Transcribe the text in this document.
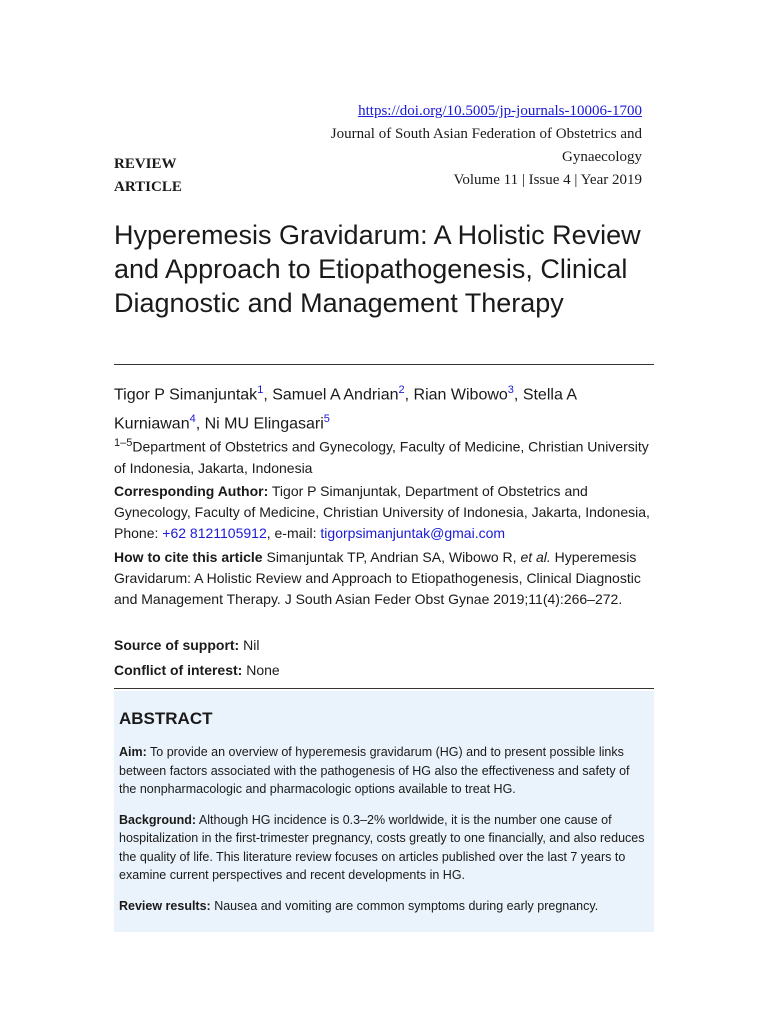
https://doi.org/10.5005/jp-journals-10006-1700
Journal of South Asian Federation of Obstetrics and
Gynaecology
Volume 11 | Issue 4 | Year 2019
REVIEW
ARTICLE
Hyperemesis Gravidarum: A Holistic Review and Approach to Etiopathogenesis, Clinical Diagnostic and Management Therapy
Tigor P Simanjuntak$^1$, Samuel A Andrian$^2$, Rian Wibowo$^3$, Stella A Kurniawan$^4$, Ni MU Elingasari$^5$
$^{1-5}$Department of Obstetrics and Gynecology, Faculty of Medicine, Christian University of Indonesia, Jakarta, Indonesia
Corresponding Author: Tigor P Simanjuntak, Department of Obstetrics and Gynecology, Faculty of Medicine, Christian University of Indonesia, Jakarta, Indonesia, Phone: +62 8121105912, e-mail: tigorpsimanjuntak@gmai.com
How to cite this article Simanjuntak TP, Andrian SA, Wibowo R, et al. Hyperemesis Gravidarum: A Holistic Review and Approach to Etiopathogenesis, Clinical Diagnostic and Management Therapy. J South Asian Feder Obst Gynae 2019;11(4):266–272.
Source of support: Nil
Conflict of interest: None
ABSTRACT

Aim: To provide an overview of hyperemesis gravidarum (HG) and to present possible links between factors associated with the pathogenesis of HG also the effectiveness and safety of the nonpharmacologic and pharmacologic options available to treat HG.

Background: Although HG incidence is 0.3–2% worldwide, it is the number one cause of hospitalization in the first-trimester pregnancy, costs greatly to one financially, and also reduces the quality of life. This literature review focuses on articles published over the last 7 years to examine current perspectives and recent developments in HG.

Review results: Nausea and vomiting are common symptoms during early pregnancy.
